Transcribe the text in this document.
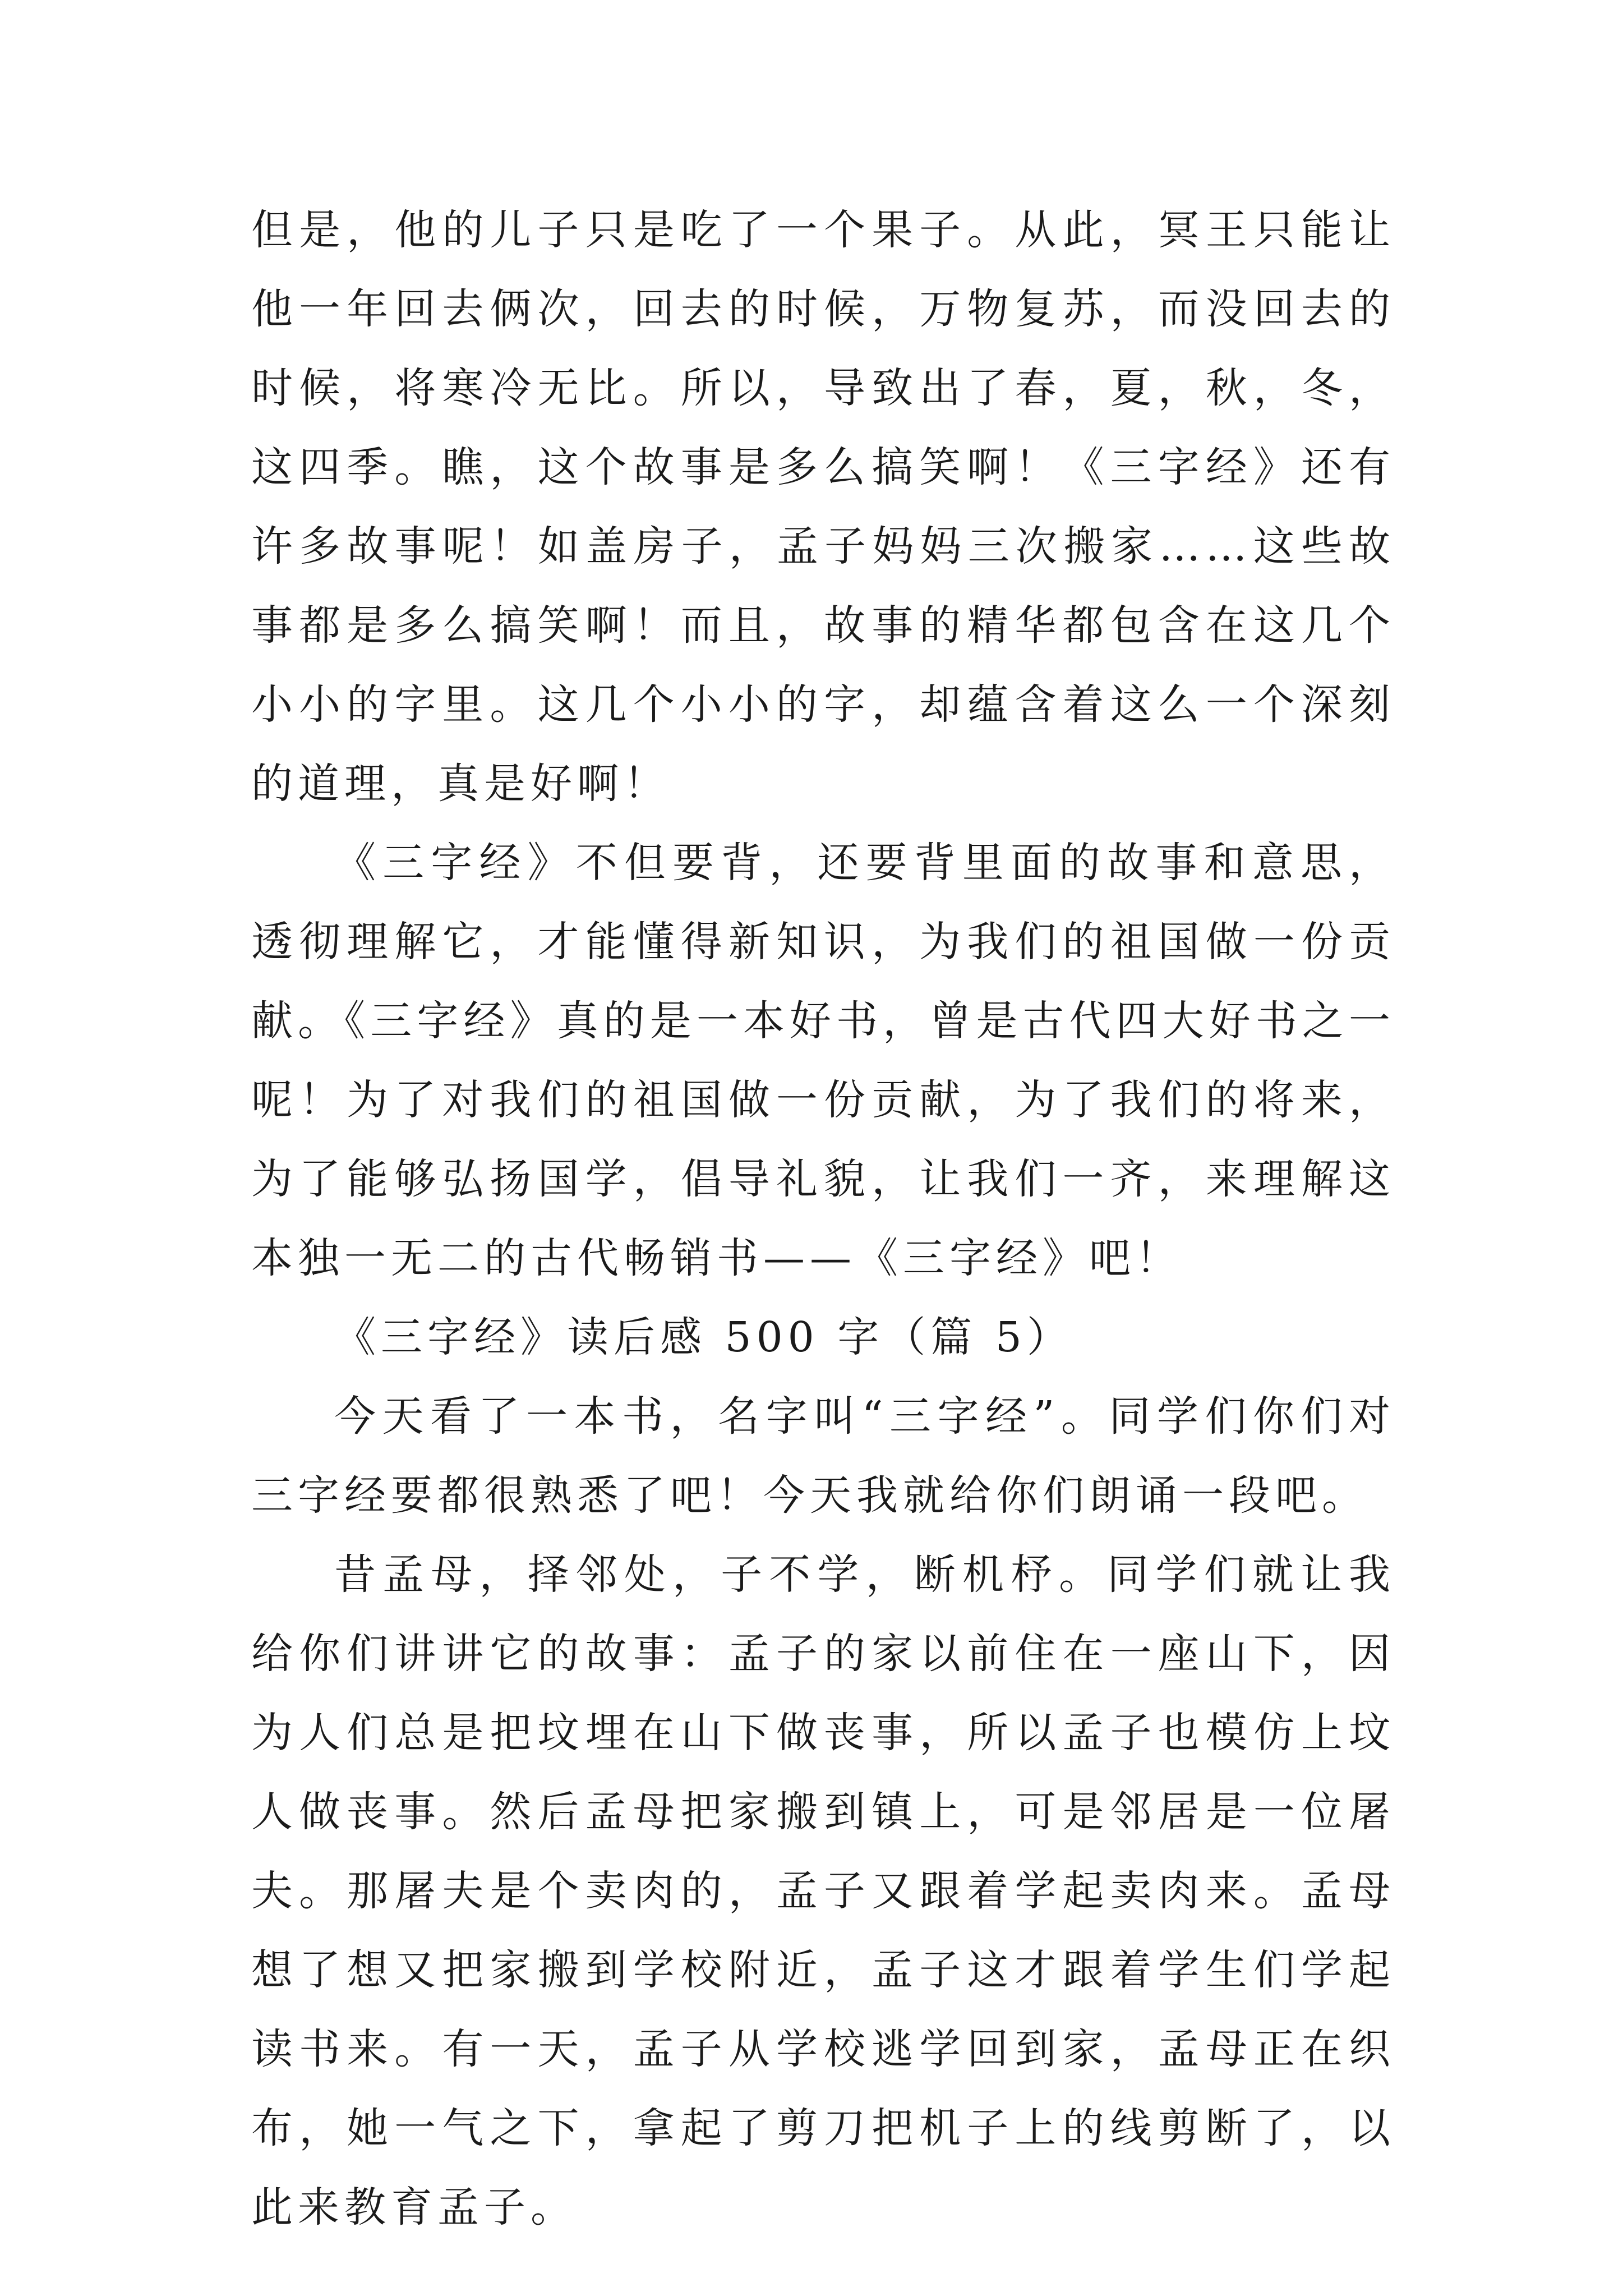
但是，他的儿子只是吃了一个果子。从此，冥王只能让他一年回去俩次，回去的时候，万物复苏，而没回去的时候，将寒冷无比。所以，导致出了春，夏，秋，冬，这四季。瞧，这个故事是多么搞笑啊！《三字经》还有许多故事呢！如盖房子，孟子妈妈三次搬家……这些故事都是多么搞笑啊！而且，故事的精华都包含在这几个小小的字里。这几个小小的字，却蕴含着这么一个深刻的道理，真是好啊！

《三字经》不但要背，还要背里面的故事和意思，透彻理解它，才能懂得新知识，为我们的祖国做一份贡献。《三字经》真的是一本好书，曾是古代四大好书之一呢！为了对我们的祖国做一份贡献，为了我们的将来，为了能够弘扬国学，倡导礼貌，让我们一齐，来理解这本独一无二的古代畅销书——《三字经》吧！

《三字经》读后感 500 字（篇 5）

今天看了一本书，名字叫“三字经”。同学们你们对三字经要都很熟悉了吧！今天我就给你们朗诵一段吧。

昔孟母，择邻处，子不学，断机杼。同学们就让我给你们讲讲它的故事：孟子的家以前住在一座山下，因为人们总是把坟埋在山下做丧事，所以孟子也模仿上坟人做丧事。然后孟母把家搬到镇上，可是邻居是一位屠夫。那屠夫是个卖肉的，孟子又跟着学起卖肉来。孟母想了想又把家搬到学校附近，孟子这才跟着学生们学起读书来。有一天，孟子从学校逃学回到家，孟母正在织布，她一气之下，拿起了剪刀把机子上的线剪断了，以此来教育孟子。
